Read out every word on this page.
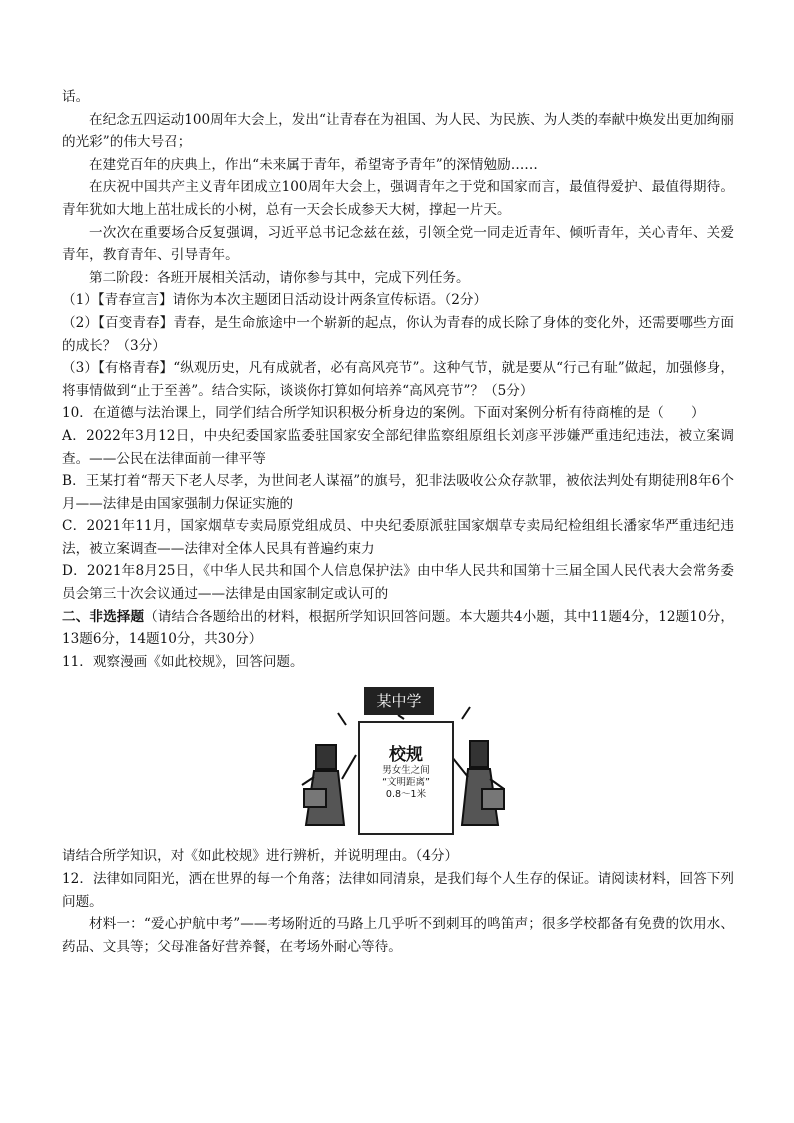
话。

在纪念五四运动100周年大会上，发出“让青春在为祖国、为人民、为民族、为人类的奉献中焕发出更加绚丽的光彩”的伟大号召；

在建党百年的庆典上，作出“未来属于青年，希望寄予青年”的深情勉励……

在庆祝中国共产主义青年团成立100周年大会上，强调青年之于党和国家而言，最值得爱护、最值得期待。青年犹如大地上茁壮成长的小树，总有一天会长成参天大树，撑起一片天。

一次次在重要场合反复强调，习近平总书记念兹在兹，引领全党一同走近青年、倾听青年，关心青年、关爱青年，教育青年、引导青年。

第二阶段：各班开展相关活动，请你参与其中，完成下列任务。

（1）【青春宣言】请你为本次主题团日活动设计两条宣传标语。（2分）

（2）【百变青春】青春，是生命旅途中一个崭新的起点，你认为青春的成长除了身体的变化外，还需要哪些方面的成长？（3分）

（3）【有格青春】“纵观历史，凡有成就者，必有高风亮节”。这种气节，就是要从“行己有耻”做起，加强修身，将事情做到“止于至善”。结合实际，谈谈你打算如何培养“高风亮节”？（5分）

10．在道德与法治课上，同学们结合所学知识积极分析身边的案例。下面对案例分析有待商榷的是（　　）

A．2022年3月12日，中央纪委国家监委驻国家安全部纪律监察组原组长刘彦平涉嫌严重违纪违法，被立案调查。——公民在法律面前一律平等

B．王某打着“帮天下老人尽孝，为世间老人谋福”的旗号，犯非法吸收公众存款罪，被依法判处有期徒刑8年6个月——法律是由国家强制力保证实施的

C．2021年11月，国家烟草专卖局原党组成员、中央纪委原派驻国家烟草专卖局纪检组组长潘家华严重违纪违法，被立案调查——法律对全体人民具有普遍约束力

D．2021年8月25日，《中华人民共和国个人信息保护法》由中华人民共和国第十三届全国人民代表大会常务委员会第三十次会议通过——法律是由国家制定或认可的

二、非选择题（请结合各题给出的材料，根据所学知识回答问题。本大题共4小题，其中11题4分，12题10分，13题6分，14题10分，共30分）

11．观察漫画《如此校规》，回答问题。

某中学
校规
男女生之间
“文明距离”
0.8～1米

请结合所学知识，对《如此校规》进行辨析，并说明理由。（4分）

12．法律如同阳光，洒在世界的每一个角落；法律如同清泉，是我们每个人生存的保证。请阅读材料，回答下列问题。

材料一：“爱心护航中考”——考场附近的马路上几乎听不到刺耳的鸣笛声；很多学校都备有免费的饮用水、药品、文具等；父母准备好营养餐，在考场外耐心等待。
